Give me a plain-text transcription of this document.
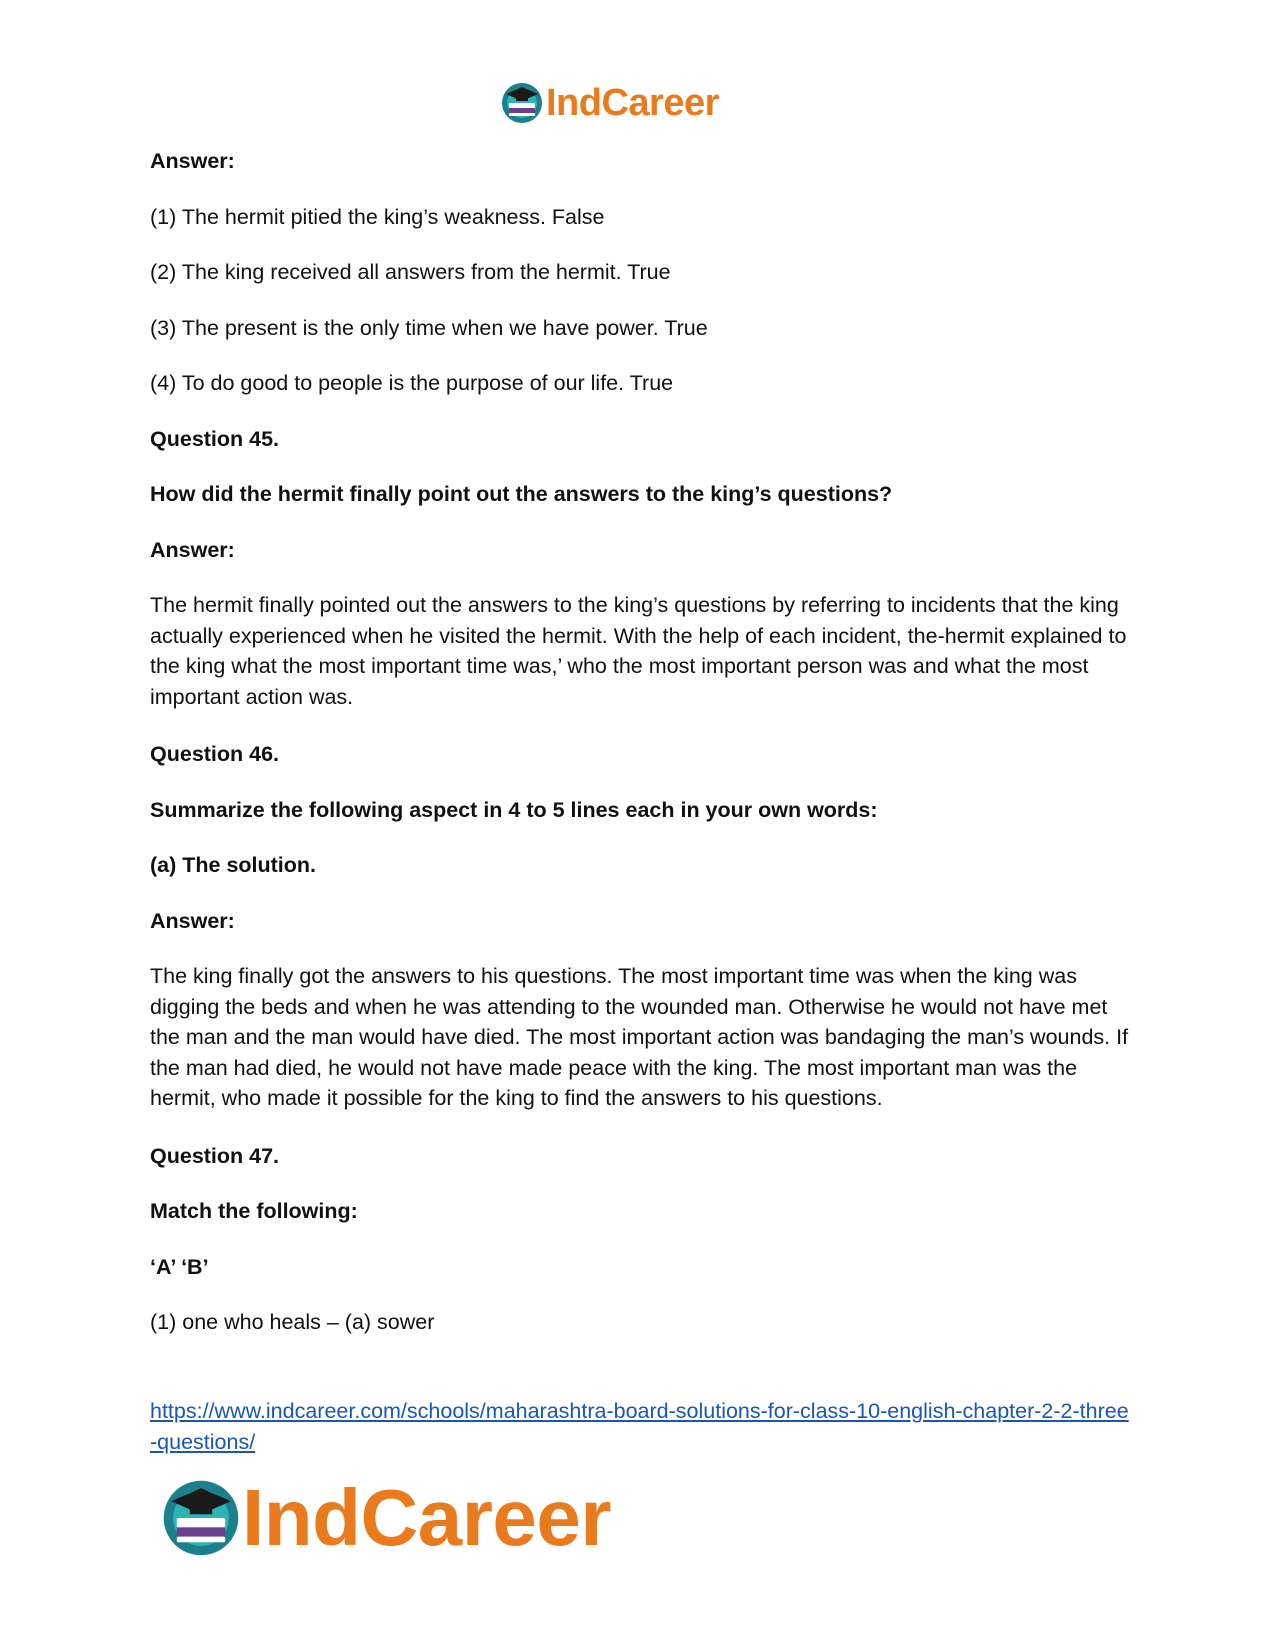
IndCareer

Answer:

(1) The hermit pitied the king’s weakness. False

(2) The king received all answers from the hermit. True

(3) The present is the only time when we have power. True

(4) To do good to people is the purpose of our life. True

Question 45.

How did the hermit finally point out the answers to the king’s questions?

Answer:

The hermit finally pointed out the answers to the king’s questions by referring to incidents that the king actually experienced when he visited the hermit. With the help of each incident, the-hermit explained to the king what the most important time was,’ who the most important person was and what the most important action was.

Question 46.

Summarize the following aspect in 4 to 5 lines each in your own words:

(a) The solution.

Answer:

The king finally got the answers to his questions. The most important time was when the king was digging the beds and when he was attending to the wounded man. Otherwise he would not have met the man and the man would have died. The most important action was bandaging the man’s wounds. If the man had died, he would not have made peace with the king. The most important man was the hermit, who made it possible for the king to find the answers to his questions.

Question 47.

Match the following:

‘A’ ‘B’

(1) one who heals – (a) sower

https://www.indcareer.com/schools/maharashtra-board-solutions-for-class-10-english-chapter-2-2-three-questions/
IndCareer
